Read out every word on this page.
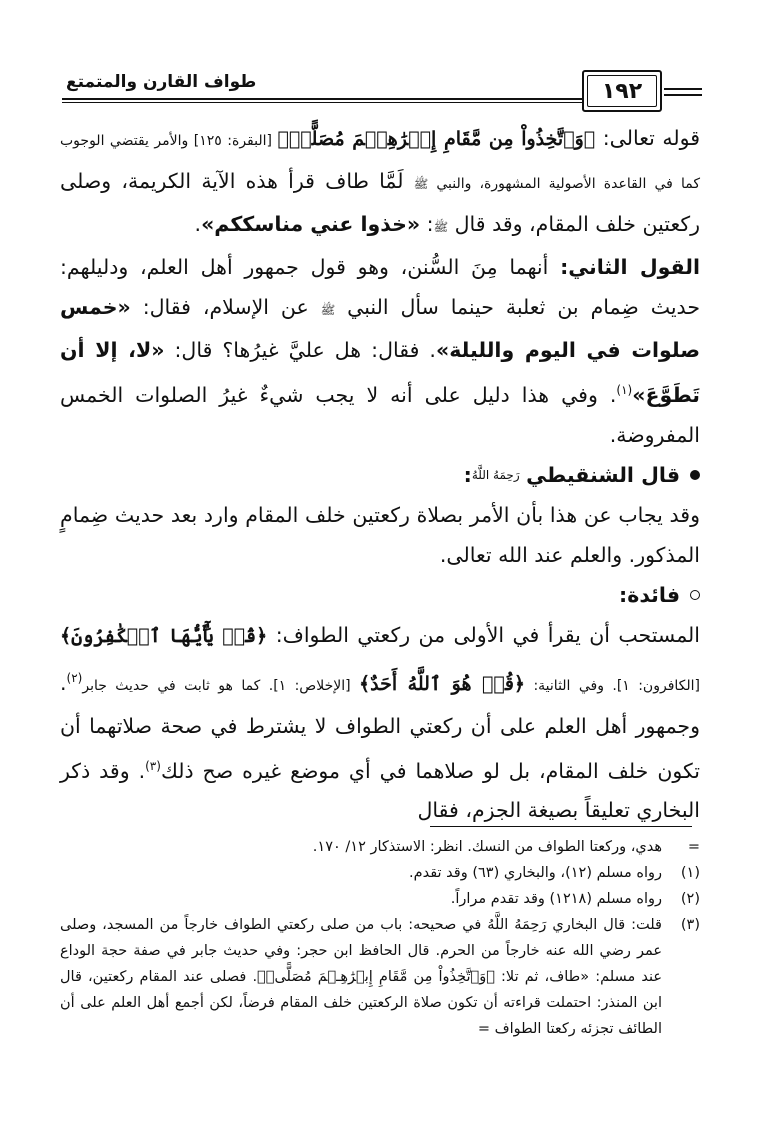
١٩٢
طواف القارن والمتمتع

قوله تعالى: ﴿وَٱتَّخِذُواْ مِن مَّقَامِ إِبۡرَٰهِـۧمَ مُصَلًّىۖ﴾ [البقرة: ١٢٥] والأمر يقتضي الوجوب كما في القاعدة الأصولية المشهورة، والنبي ﷺ لَمَّا طاف قرأ هذه الآية الكريمة، وصلى ركعتين خلف المقام، وقد قال ﷺ: «خذوا عني مناسككم».

القول الثاني: أنهما مِنَ السُّنن، وهو قول جمهور أهل العلم، ودليلهم: حديث ضِمام بن ثعلبة حينما سأل النبي ﷺ عن الإسلام، فقال: «خمس صلوات في اليوم والليلة». فقال: هل عليَّ غيرُها؟ قال: «لا، إلا أن تَطَوَّعَ»$^{(١)}$. وفي هذا دليل على أنه لا يجب شيءٌ غيرُ الصلوات الخمس المفروضة.

قال الشنقيطي

رَحِمَهُ اللَّهُ
:

وقد يجاب عن هذا بأن الأمر بصلاة ركعتين خلف المقام وارد بعد حديث ضِمامٍ المذكور. والعلم عند الله تعالى.

فائدة:

المستحب أن يقرأ في الأولى من ركعتي الطواف: ﴿قُلۡ يَٰٓأَيُّهَا ٱلۡكَٰفِرُونَ﴾ [الكافرون: ١]. وفي الثانية: ﴿قُلۡ هُوَ ٱللَّهُ أَحَدٌ﴾ [الإخلاص: ١]. كما هو ثابت في حديث جابر$^{(٢)}$. وجمهور أهل العلم على أن ركعتي الطواف لا يشترط في صحة صلاتهما أن تكون خلف المقام، بل لو صلاهما في أي موضع غيره صح ذلك$^{(٣)}$. وقد ذكر البخاري تعليقاً بصيغة الجزم، فقال

=
هدي، وركعتا الطواف من النسك. انظر: الاستذكار ١٢/ ١٧٠.
(١)
رواه مسلم (١٢)، والبخاري (٦٣) وقد تقدم.
(٢)
رواه مسلم (١٢١٨) وقد تقدم مراراً.
(٣)
قلت: قال البخاري رَحِمَهُ اللَّهُ في صحيحه: باب من صلى ركعتي الطواف خارجاً من المسجد، وصلى عمر رضي الله عنه خارجاً من الحرم. قال الحافظ ابن حجر: وفي حديث جابر في صفة حجة الوداع عند مسلم: «طاف، ثم تلا: ﴿وَٱتَّخِذُواْ مِن مَّقَامِ إِبۡرَٰهِـۧمَ مُصَلًّىۖ﴾. فصلى عند المقام ركعتين، قال ابن المنذر: احتملت قراءته أن تكون صلاة الركعتين خلف المقام فرضاً، لكن أجمع أهل العلم على أن الطائف تجزئه ركعتا الطواف =
